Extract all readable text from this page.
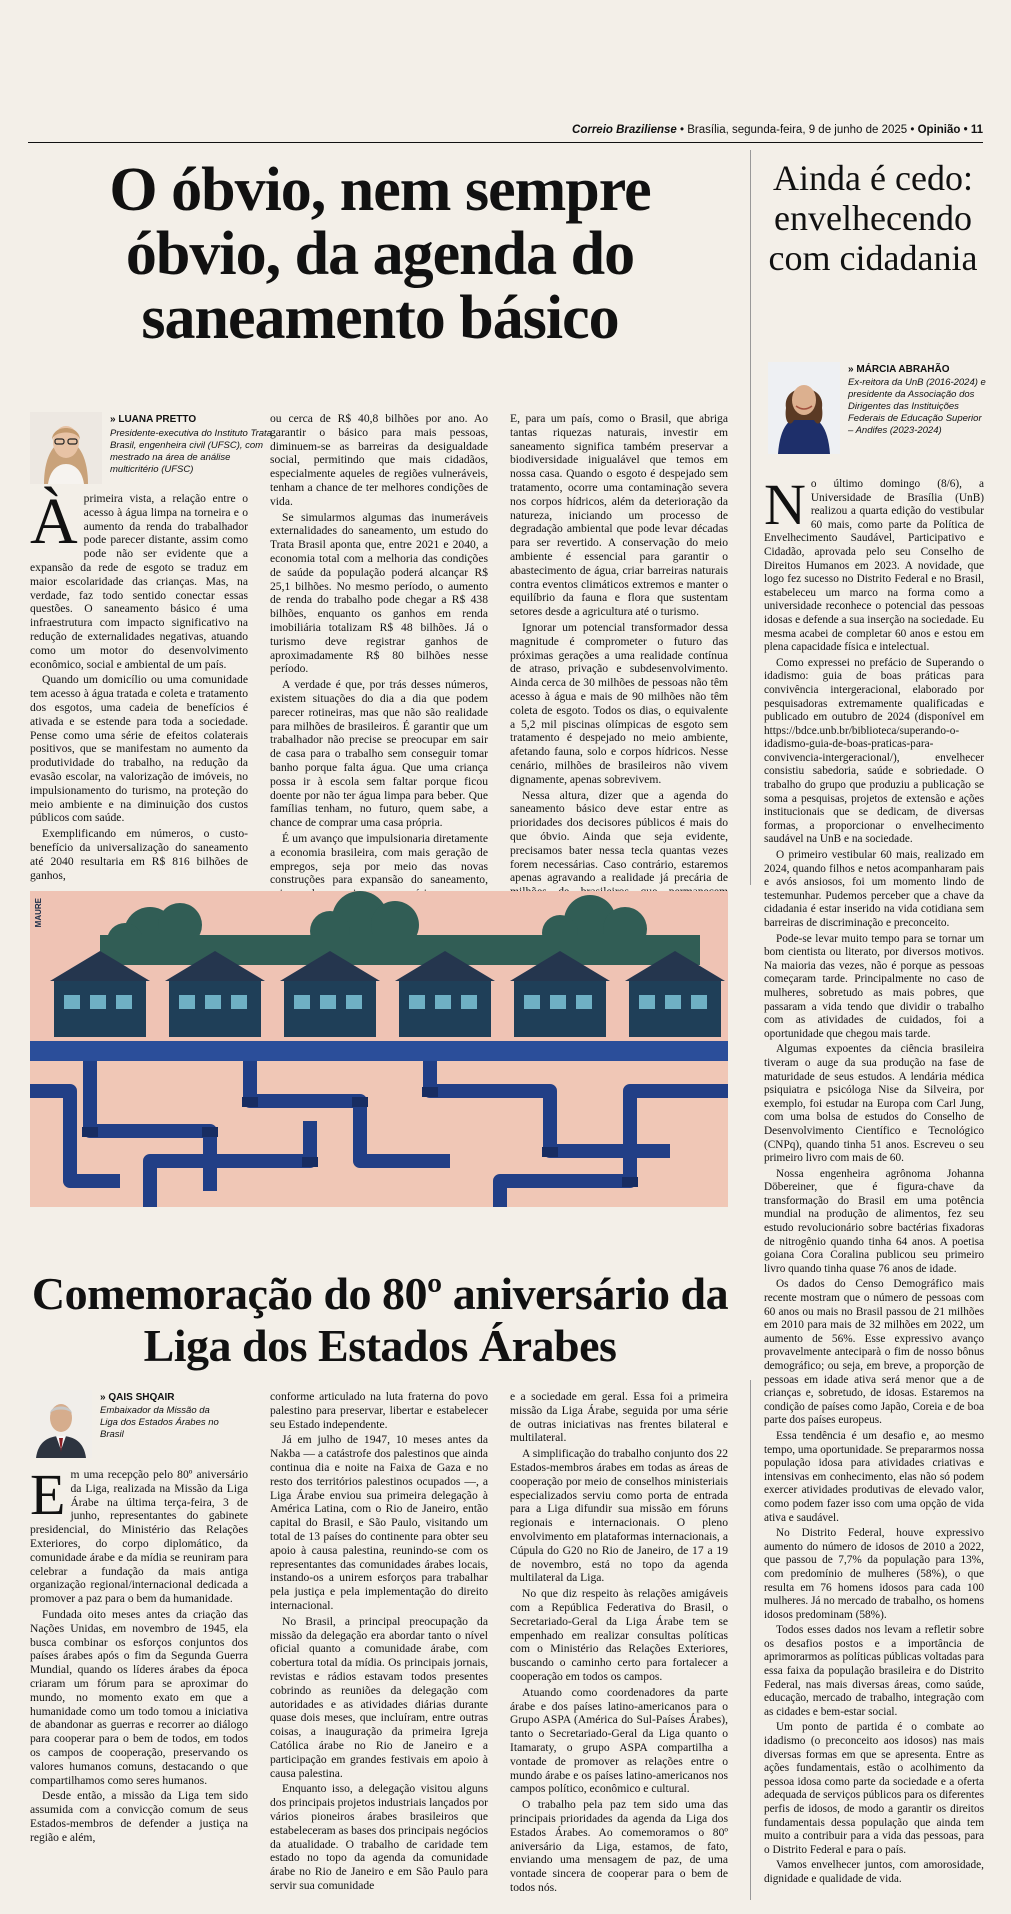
Correio Braziliense • Brasília, segunda-feira, 9 de junho de 2025 • Opinião • 11
O óbvio, nem sempre óbvio, da agenda do saneamento básico
» LUANA PRETTO
Presidente-executiva do Instituto Trata Brasil, engenheira civil (UFSC), com mestrado na área de análise multicritério (UFSC)
À primeira vista, a relação entre o acesso à água limpa na torneira e o aumento da renda do trabalhador pode parecer distante, assim como pode não ser evidente que a expansão da rede de esgoto se traduz em maior escolaridade das crianças. Mas, na verdade, faz todo sentido conectar essas questões. O saneamento básico é uma infraestrutura com impacto significativo na redução de externalidades negativas, atuando como um motor do desenvolvimento econômico, social e ambiental de um país.

Quando um domicílio ou uma comunidade tem acesso à água tratada e coleta e tratamento dos esgotos, uma cadeia de benefícios é ativada e se estende para toda a sociedade. Pense como uma série de efeitos colaterais positivos, que se manifestam no aumento da produtividade do trabalho, na redução da evasão escolar, na valorização de imóveis, no impulsionamento do turismo, na proteção do meio ambiente e na diminuição dos custos públicos com saúde.

Exemplificando em números, o custo-benefício da universalização do saneamento até 2040 resultaria em R$ 816 bilhões de ganhos,

ou cerca de R$ 40,8 bilhões por ano. Ao garantir o básico para mais pessoas, diminuem-se as barreiras da desigualdade social, permitindo que mais cidadãos, especialmente aqueles de regiões vulneráveis, tenham a chance de ter melhores condições de vida.

Se simularmos algumas das inumeráveis externalidades do saneamento, um estudo do Trata Brasil aponta que, entre 2021 e 2040, a economia total com a melhoria das condições de saúde da população poderá alcançar R$ 25,1 bilhões. No mesmo período, o aumento de renda do trabalho pode chegar a R$ 438 bilhões, enquanto os ganhos em renda imobiliária totalizam R$ 48 bilhões. Já o turismo deve registrar ganhos de aproximadamente R$ 80 bilhões nesse período.

A verdade é que, por trás desses números, existem situações do dia a dia que podem parecer rotineiras, mas que não são realidade para milhões de brasileiros. É garantir que um trabalhador não precise se preocupar em sair de casa para o trabalho sem conseguir tomar banho porque falta água. Que uma criança possa ir à escola sem faltar porque ficou doente por não ter água limpa para beber. Que famílias tenham, no futuro, quem sabe, a chance de comprar uma casa própria.

É um avanço que impulsionaria diretamente a economia brasileira, com mais geração de empregos, seja por meio das novas construções para expansão do saneamento,

E, para um país, como o Brasil, que abriga tantas riquezas naturais, investir em saneamento significa também preservar a biodiversidade inigualável que temos em nossa casa. Quando o esgoto é despejado sem tratamento, ocorre uma contaminação severa nos corpos hídricos, além da deterioração da natureza, iniciando um processo de degradação ambiental que pode levar décadas para ser revertido. A conservação do meio ambiente é essencial para garantir o abastecimento de água, criar barreiras naturais contra eventos climáticos extremos e manter o equilíbrio da fauna e flora que sustentam setores desde a agricultura até o turismo.

Ignorar um potencial transformador dessa magnitude é comprometer o futuro das próximas gerações a uma realidade contínua de atraso, privação e subdesenvolvimento. Ainda cerca de 30 milhões de pessoas não têm acesso à água e mais de 90 milhões não têm coleta de esgoto. Todos os dias, o equivalente a 5,2 mil piscinas olímpicas de esgoto sem tratamento é despejado no meio ambiente, afetando fauna, solo e corpos hídricos. Nesse cenário, milhões de brasileiros não vivem dignamente, apenas sobrevivem.

Nessa altura, dizer que a agenda do saneamento básico deve estar entre as prioridades dos decisores públicos é mais do que óbvio. Ainda que seja evidente, precisamos bater nessa tecla quantas vezes forem necessárias. Caso contrário, estaremos apenas agravando a realidade já precária de

MAURE
Comemoração do 80º aniversário da Liga dos Estados Árabes
» QAIS SHQAIR
Embaixador da Missão da Liga dos Estados Árabes no Brasil
E m uma recepção pelo 80º aniversário da Liga, realizada na Missão da Liga Árabe na última terça-feira, 3 de junho, representantes do gabinete presidencial, do Ministério das Relações Exteriores, do corpo diplomático, da comunidade árabe e da mídia se reuniram para celebrar a fundação da mais antiga organização regional/internacional dedicada a promover a paz para o bem da humanidade.

Fundada oito meses antes da criação das Nações Unidas, em novembro de 1945, ela busca combinar os esforços conjuntos dos países árabes após o fim da Segunda Guerra Mundial, quando os líderes árabes da época criaram um fórum para se aproximar do mundo, no momento exato em que a humanidade como um todo tomou a iniciativa de abandonar as guerras e recorrer ao diálogo para cooperar para o bem de todos, em todos os campos de cooperação, preservando os valores humanos comuns, destacando o que compartilhamos como seres humanos.

Desde então, a missão da Liga tem sido assumida com a convicção comum de seus Estados-membros de defender a justiça na região e além,

conforme articulado na luta fraterna do povo palestino para preservar, libertar e estabelecer seu Estado independente.

Já em julho de 1947, 10 meses antes da Nakba — a catástrofe dos palestinos que ainda continua dia e noite na Faixa de Gaza e no resto dos territórios palestinos ocupados —, a Liga Árabe enviou sua primeira delegação à América Latina, com o Rio de Janeiro, então capital do Brasil, e São Paulo, visitando um total de 13 países do continente para obter seu apoio à causa palestina, reunindo-se com os representantes das comunidades árabes locais, instando-os a unirem esforços para trabalhar pela justiça e pela implementação do direito internacional.

No Brasil, a principal preocupação da missão da delegação era abordar tanto o nível oficial quanto a comunidade árabe, com cobertura total da mídia. Os principais jornais, revistas e rádios estavam todos presentes cobrindo as reuniões da delegação com autoridades e as atividades diárias durante quase dois meses, que incluíram, entre outras coisas, a inauguração da primeira Igreja Católica árabe no Rio de Janeiro e a participação em grandes festivais em apoio à causa palestina.

Enquanto isso, a delegação visitou alguns dos principais projetos industriais lançados por vários pioneiros árabes brasileiros que estabeleceram as bases dos principais negócios da atualidade. O trabalho de caridade tem estado no topo da agenda da comunidade árabe no Rio de Janeiro e em São Paulo para servir sua comunidade

e a sociedade em geral. Essa foi a primeira missão da Liga Árabe, seguida por uma série de outras iniciativas nas frentes bilateral e multilateral.

A simplificação do trabalho conjunto dos 22 Estados-membros árabes em todas as áreas de cooperação por meio de conselhos ministeriais especializados serviu como porta de entrada para a Liga difundir sua missão em fóruns regionais e internacionais. O pleno envolvimento em plataformas internacionais, a Cúpula do G20 no Rio de Janeiro, de 17 a 19 de novembro, está no topo da agenda multilateral da Liga.

No que diz respeito às relações amigáveis com a República Federativa do Brasil, o Secretariado-Geral da Liga Árabe tem se empenhado em realizar consultas políticas com o Ministério das Relações Exteriores, buscando o caminho certo para fortalecer a cooperação em todos os campos.

Atuando como coordenadores da parte árabe e dos países latino-americanos para o Grupo ASPA (América do Sul-Países Árabes), tanto o Secretariado-Geral da Liga quanto o Itamaraty, o grupo ASPA compartilha a vontade de promover as relações entre o mundo árabe e os países latino-americanos nos campos político, econômico e cultural.

O trabalho pela paz tem sido uma das principais prioridades da agenda da Liga dos Estados Árabes. Ao comemoramos o 80º aniversário da Liga, estamos, de fato, enviando uma mensagem de paz, de uma vontade sincera de cooperar para o bem de todos nós.

Ainda é cedo: envelhecendo com cidadania
» MÁRCIA ABRAHÃO
Ex-reitora da UnB (2016-2024) e presidente da Associação dos Dirigentes das Instituições Federais de Educação Superior – Andifes (2023-2024)
N o último domingo (8/6), a Universidade de Brasília (UnB) realizou a quarta edição do vestibular 60 mais, como parte da Política de Envelhecimento Saudável, Participativo e Cidadão, aprovada pelo seu Conselho de Direitos Humanos em 2023. A novidade, que logo fez sucesso no Distrito Federal e no Brasil, estabeleceu um marco na forma como a universidade reconhece o potencial das pessoas idosas e defende a sua inserção na sociedade. Eu mesma acabei de completar 60 anos e estou em plena capacidade física e intelectual.

Como expressei no prefácio de Superando o idadismo: guia de boas práticas para convivência intergeracional, elaborado por pesquisadoras extremamente qualificadas e publicado em outubro de 2024 (disponível em https://bdce.unb.br/biblioteca/superando-o-idadismo-guia-de-boas-praticas-para-convivencia-intergeracional/), envelhecer consistiu sabedoria, saúde e sobriedade. O trabalho do grupo que produziu a publicação se soma a pesquisas, projetos de extensão e ações institucionais que se dedicam, de diversas formas, a proporcionar o envelhecimento saudável na UnB e na sociedade.

O primeiro vestibular 60 mais, realizado em 2024, quando filhos e netos acompanharam pais e avós ansiosos, foi um momento lindo de testemunhar. Pudemos perceber que a chave da cidadania é estar inserido na vida cotidiana sem barreiras de discriminação e preconceito.

Pode-se levar muito tempo para se tornar um bom cientista ou literato, por diversos motivos. Na maioria das vezes, não é porque as pessoas começaram tarde. Principalmente no caso de mulheres, sobretudo as mais pobres, que passaram a vida tendo que dividir o trabalho com as atividades de cuidados, foi a oportunidade que chegou mais tarde.

Algumas expoentes da ciência brasileira tiveram o auge da sua produção na fase de maturidade de seus estudos. A lendária médica psiquiatra e psicóloga Nise da Silveira, por exemplo, foi estudar na Europa com Carl Jung, com uma bolsa de estudos do Conselho de Desenvolvimento Científico e Tecnológico (CNPq), quando tinha 51 anos. Escreveu o seu primeiro livro com mais de 60.

Nossa engenheira agrônoma Johanna Döbereiner, que é figura-chave da transformação do Brasil em uma potência mundial na produção de alimentos, fez seu estudo revolucionário sobre bactérias fixadoras de nitrogênio quando tinha 64 anos. A poetisa goiana Cora Coralina publicou seu primeiro livro quando tinha quase 76 anos de idade.

Os dados do Censo Demográfico mais recente mostram que o número de pessoas com 60 anos ou mais no Brasil passou de 21 milhões em 2010 para mais de 32 milhões em 2022, um aumento de 56%. Esse expressivo avanço provavelmente anteciparà o fim de nosso bônus demográfico; ou seja, em breve, a proporção de pessoas em idade ativa será menor que a de crianças e, sobretudo, de idosas. Estaremos na condição de países como Japão, Coreia e de boa parte dos países europeus.

Essa tendência é um desafio e, ao mesmo tempo, uma oportunidade. Se prepararmos nossa população idosa para atividades criativas e intensivas em conhecimento, elas não só podem exercer atividades produtivas de elevado valor, como podem fazer isso com uma opção de vida ativa e saudável.

No Distrito Federal, houve expressivo aumento do número de idosos de 2010 a 2022, que passou de 7,7% da população para 13%, com predomínio de mulheres (58%), o que resulta em 76 homens idosos para cada 100 mulheres. Já no mercado de trabalho, os homens idosos predominam (58%).

Todos esses dados nos levam a refletir sobre os desafios postos e a importância de aprimorarmos as políticas públicas voltadas para essa faixa da população brasileira e do Distrito Federal, nas mais diversas áreas, como saúde, educação, mercado de trabalho, integração com as cidades e bem-estar social.

Um ponto de partida é o combate ao idadismo (o preconceito aos idosos) nas mais diversas formas em que se apresenta. Entre as ações fundamentais, estão o acolhimento da pessoa idosa como parte da sociedade e a oferta adequada de serviços públicos para os diferentes perfis de idosos, de modo a garantir os direitos fundamentais dessa população que ainda tem muito a contribuir para a vida das pessoas, para o Distrito Federal e para o país.

Vamos envelhecer juntos, com amorosidade, dignidade e qualidade de vida.
